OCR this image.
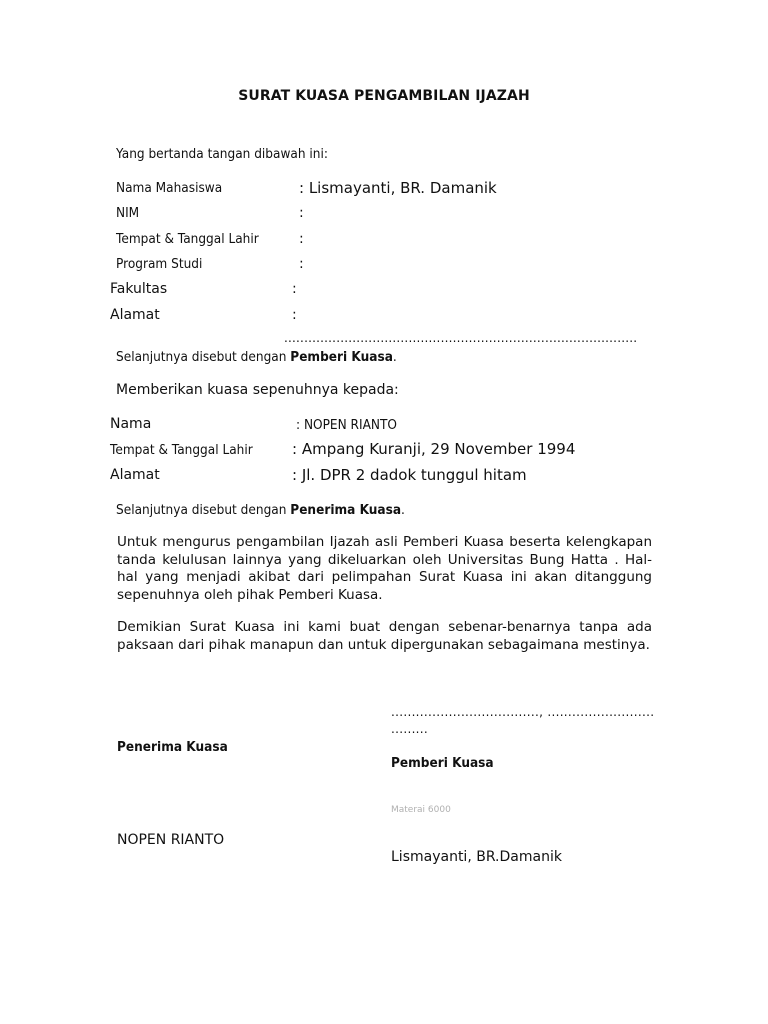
SURAT KUASA PENGAMBILAN IJAZAH
Yang bertanda tangan dibawah ini:
Nama Mahasiswa	: Lismayanti, BR. Damanik
NIM	:
Tempat & Tanggal Lahir	:
Program Studi	:
Fakultas	:
Alamat	:
........................................................................................
Selanjutnya disebut dengan Pemberi Kuasa.
Memberikan kuasa sepenuhnya kepada:
Nama	: NOPEN RIANTO
Tempat & Tanggal Lahir	: Ampang Kuranji, 29 November 1994
Alamat	: Jl. DPR 2 dadok tunggul hitam
Selanjutnya disebut dengan Penerima Kuasa.
Untuk mengurus pengambilan Ijazah asli Pemberi Kuasa beserta kelengkapan tanda kelulusan lainnya yang dikeluarkan oleh Universitas Bung Hatta . Hal-hal yang menjadi akibat dari pelimpahan Surat Kuasa ini akan ditanggung sepenuhnya oleh pihak Pemberi Kuasa.
Demikian Surat Kuasa ini kami buat dengan sebenar-benarnya tanpa ada paksaan dari pihak manapun dan untuk dipergunakan sebagaimana mestinya.
...................................., ..........................
.........
Penerima Kuasa
Pemberi Kuasa
Materai 6000
NOPEN RIANTO
Lismayanti, BR.Damanik
